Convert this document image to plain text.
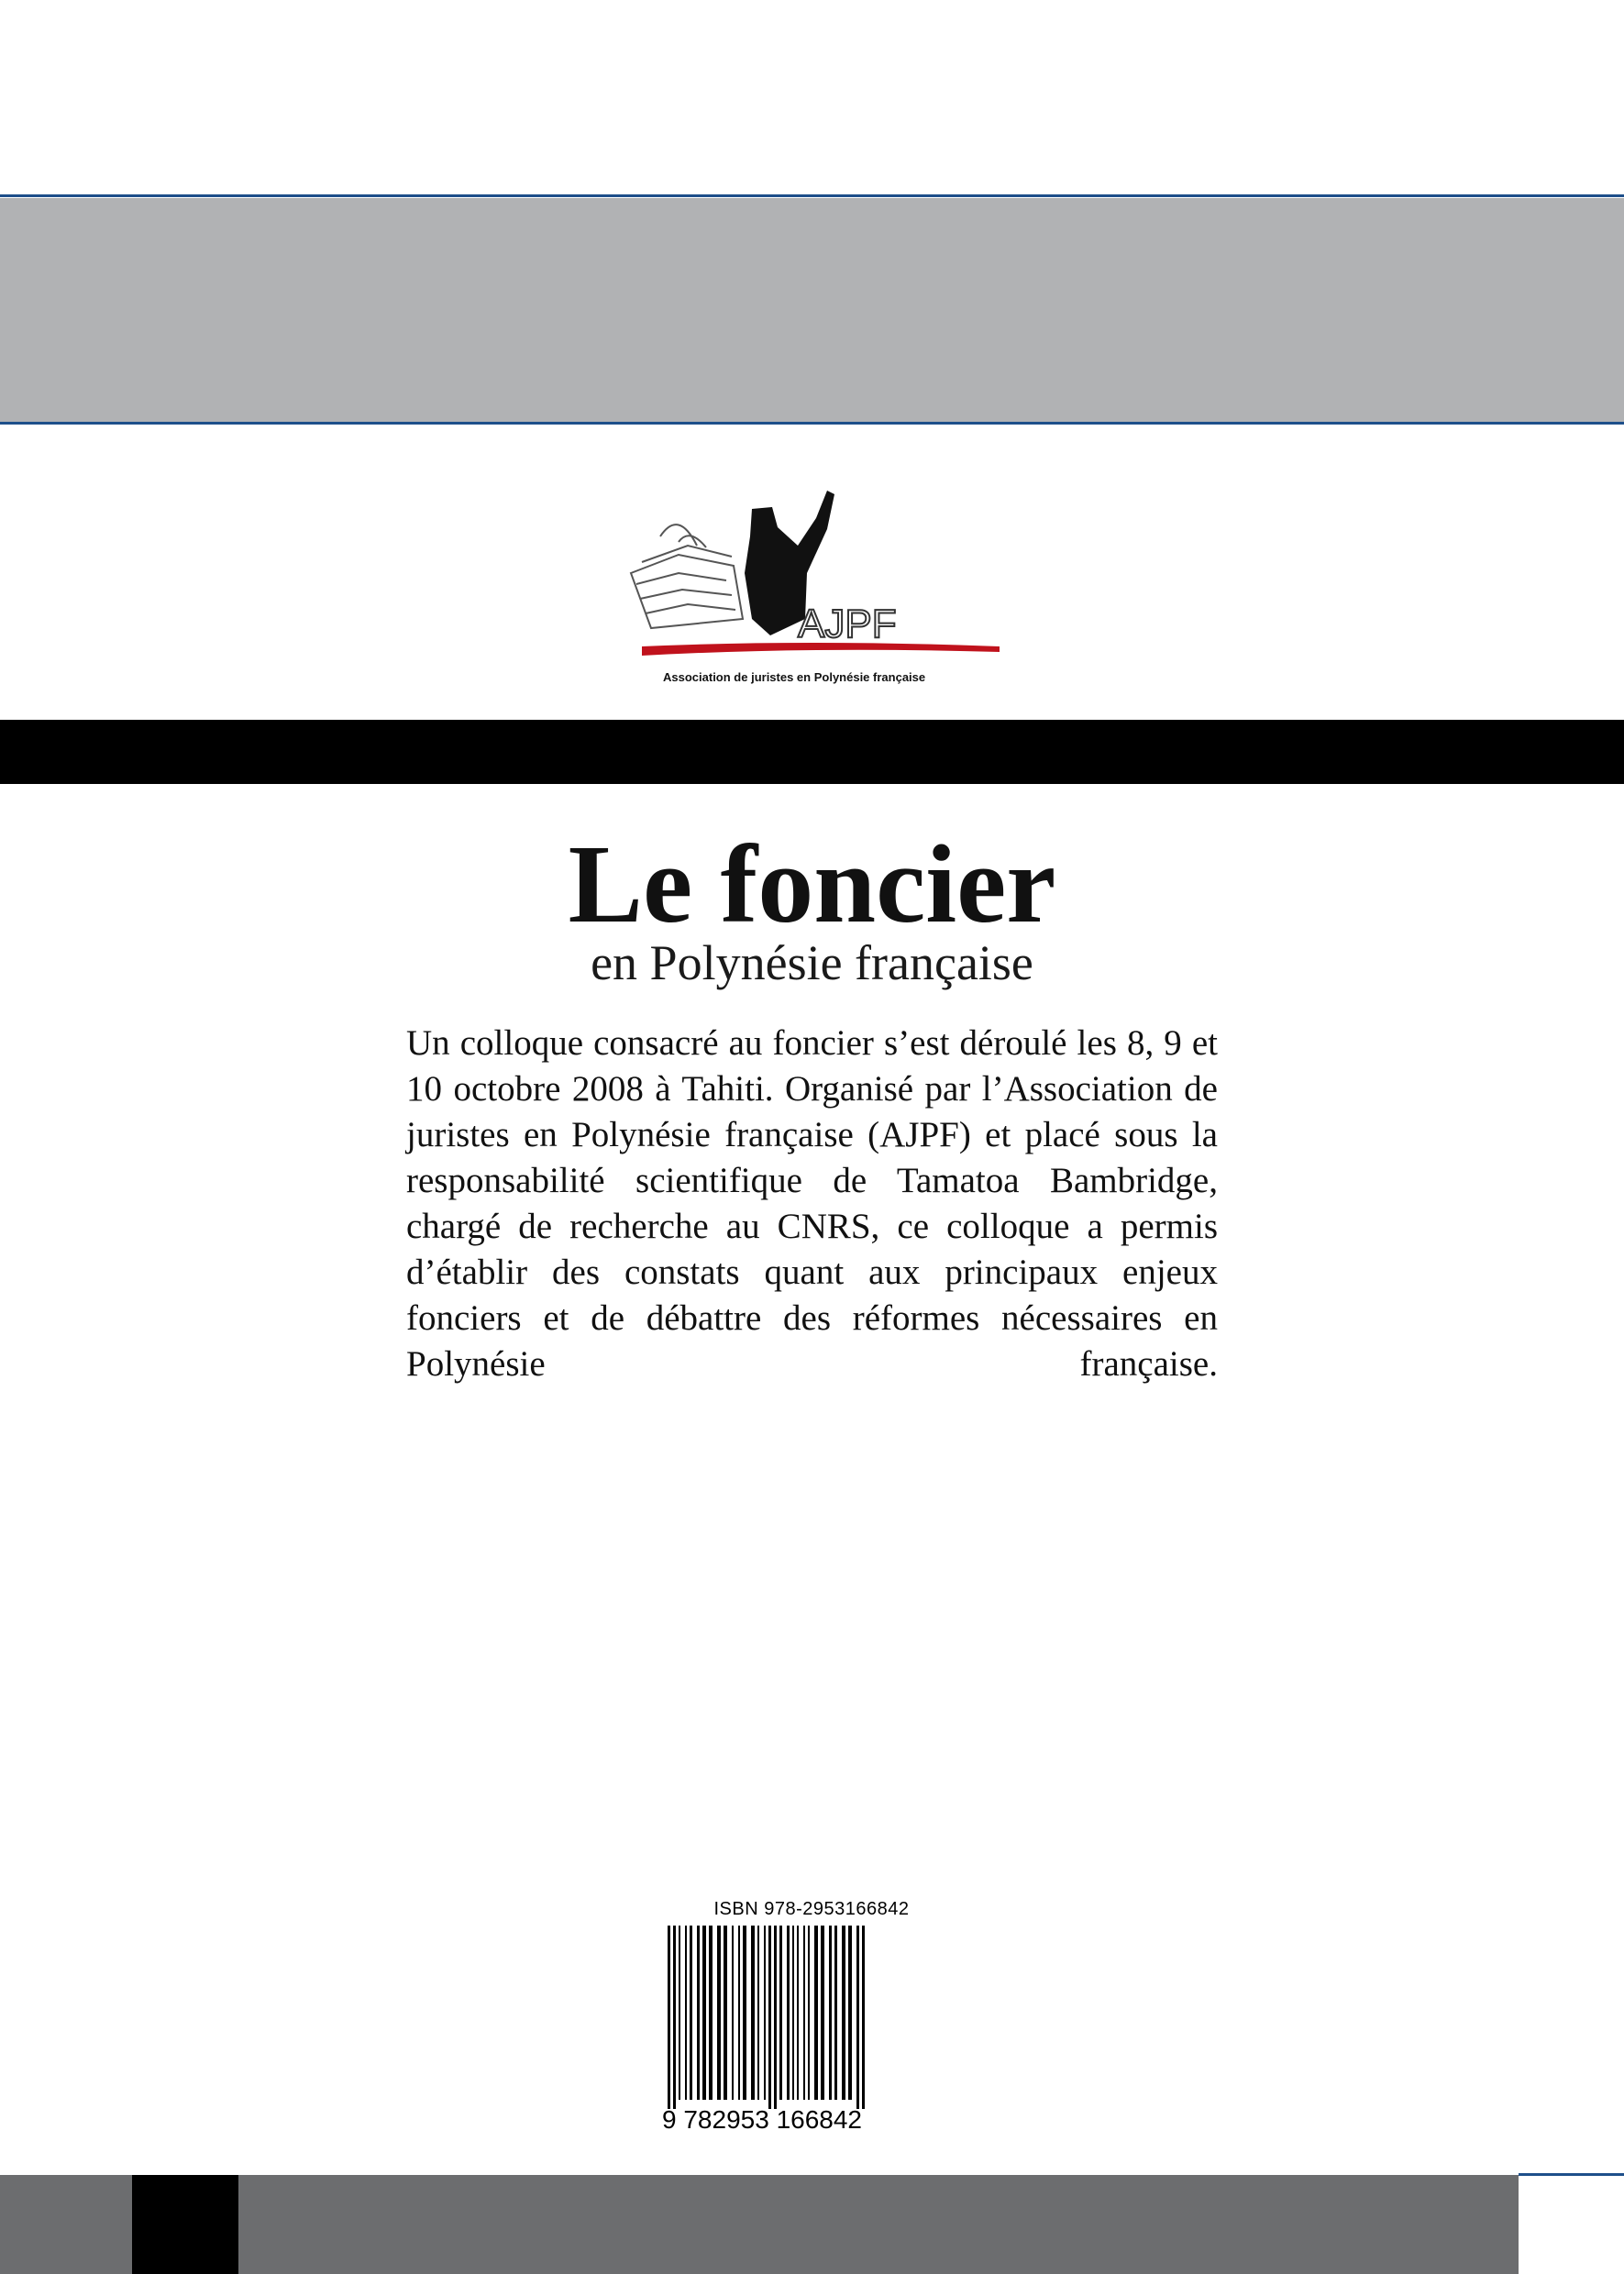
AJPF
Association de juristes en Polynésie française
Le foncier
en Polynésie française

Un colloque consacré au foncier s’est déroulé les 8, 9 et 10 octobre 2008 à Tahiti. Organisé par l’Association de juristes en Polynésie française (AJPF) et placé sous la responsabilité scientifique de Tamatoa Bambridge, chargé de recherche au CNRS, ce colloque a permis d’établir des constats quant aux principaux enjeux fonciers et de débattre des réformes nécessaires en Polynésie française.

ISBN 978-2953166842
9 782953 166842
